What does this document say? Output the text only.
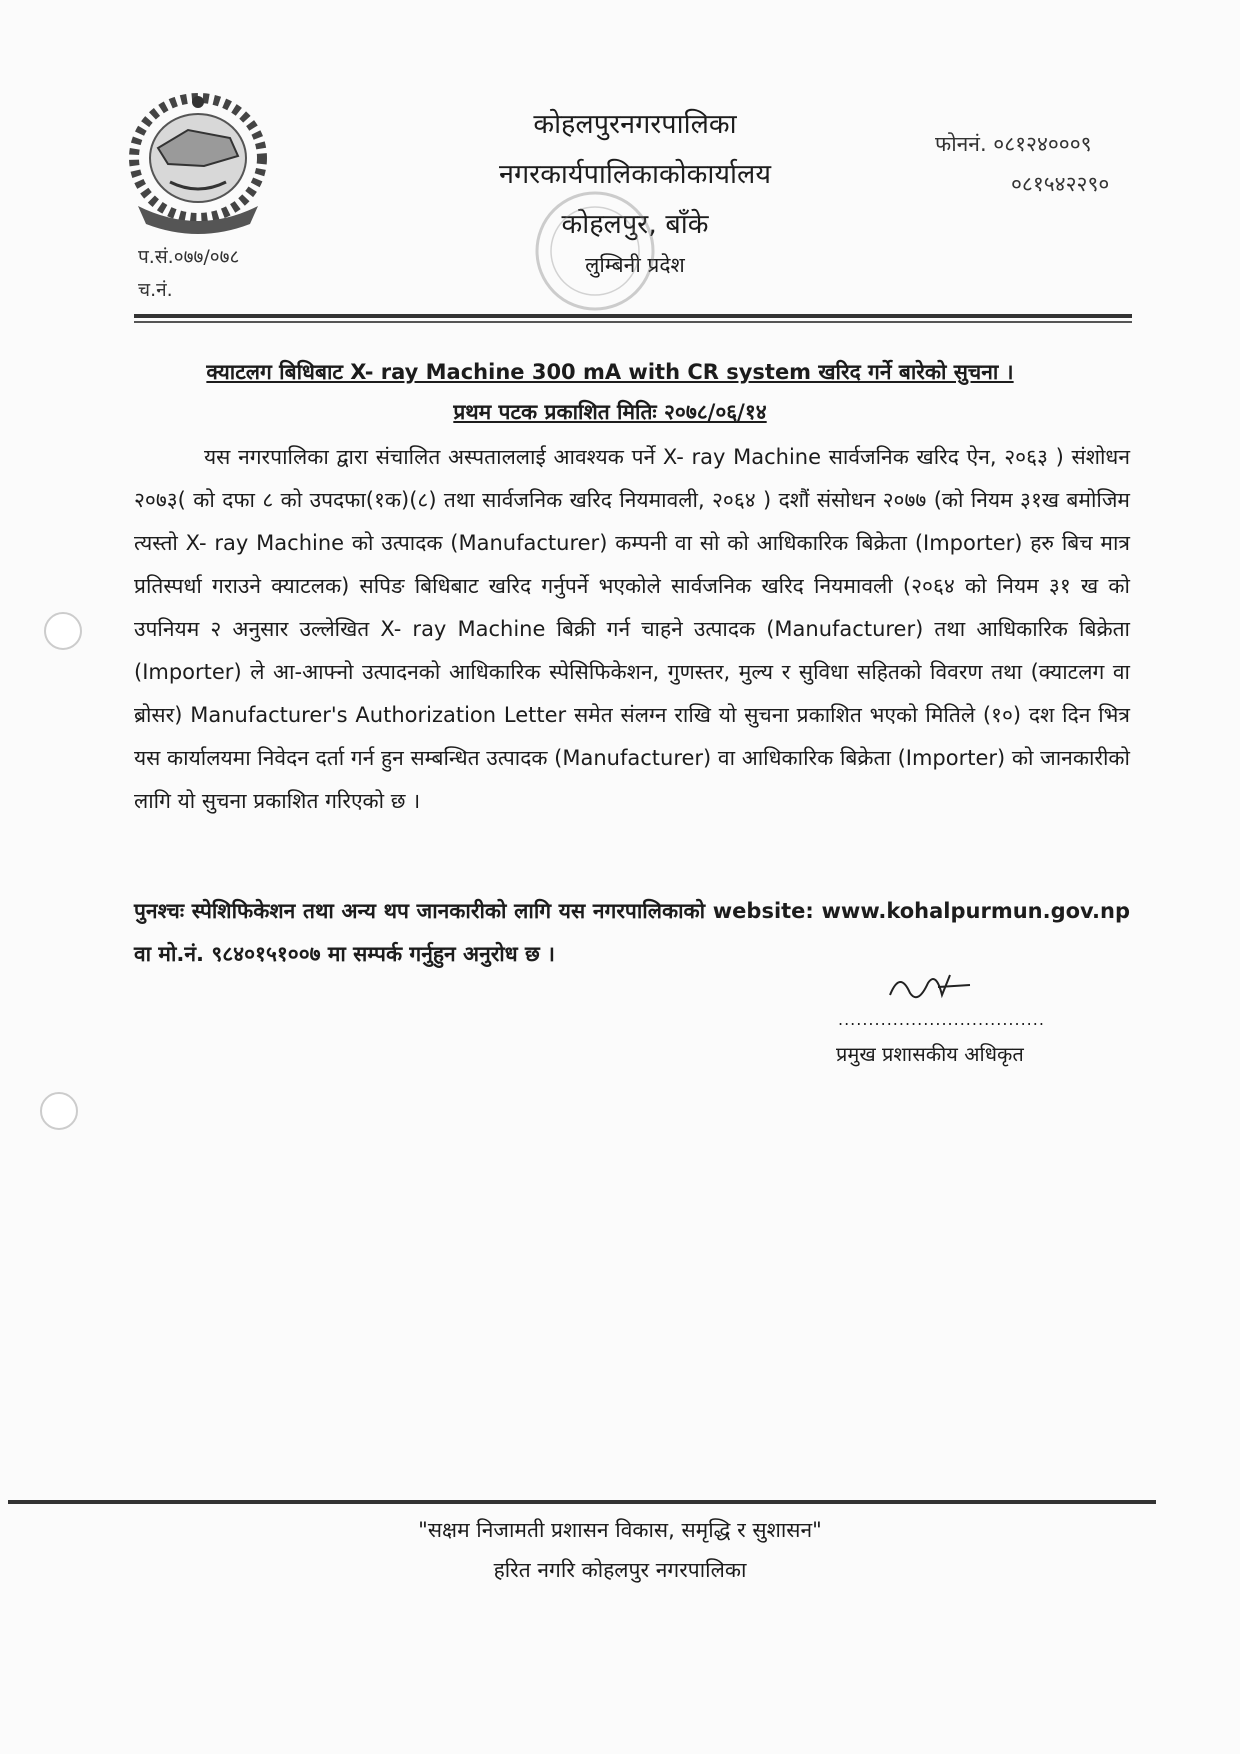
प.सं.०७७/०७८
च.नं.
कोहलपुरनगरपालिका
नगरकार्यपालिकाकोकार्यालय
कोहलपुर, बाँके
लुम्बिनी प्रदेश
फोननं. ०८१२४०००९
०८१५४२२९०
क्याटलग बिधिबाट X- ray Machine 300 mA with CR system खरिद गर्ने बारेको सुचना ।
प्रथम पटक प्रकाशित मितिः २०७८/०६/१४
यस नगरपालिका द्वारा संचालित अस्पताललाई आवश्यक पर्ने X- ray Machine सार्वजनिक खरिद ऐन, २०६३ ) संशोधन २०७३( को दफा ८ को उपदफा(१क)(८) तथा सार्वजनिक खरिद नियमावली, २०६४ ) दशौं संसोधन २०७७ (को नियम ३१ख बमोजिम त्यस्तो X- ray Machine को उत्पादक (Manufacturer) कम्पनी वा सो को आधिकारिक बिक्रेता (Importer) हरु बिच मात्र प्रतिस्पर्धा गराउने क्याटलक) सपिङ बिधिबाट खरिद गर्नुपर्ने भएकोले सार्वजनिक खरिद नियमावली (२०६४ को नियम ३१ ख को उपनियम २ अनुसार उल्लेखित X- ray Machine बिक्री गर्न चाहने उत्पादक (Manufacturer) तथा आधिकारिक बिक्रेता (Importer) ले आ-आफ्नो उत्पादनको आधिकारिक स्पेसिफिकेशन, गुणस्तर, मुल्य र सुविधा सहितको विवरण तथा (क्याटलग वा ब्रोसर) Manufacturer's Authorization Letter समेत संलग्न राखि यो सुचना प्रकाशित भएको मितिले (१०) दश दिन भित्र यस कार्यालयमा निवेदन दर्ता गर्न हुन सम्बन्धित उत्पादक (Manufacturer) वा आधिकारिक बिक्रेता (Importer) को जानकारीको लागि यो सुचना प्रकाशित गरिएको छ ।
पुनश्चः स्पेशिफिकेशन तथा अन्य थप जानकारीको लागि यस नगरपालिकाको website: www.kohalpurmun.gov.np वा मो.नं. ९८४०१५१००७ मा सम्पर्क गर्नुहुन अनुरोध छ ।
..................................
प्रमुख प्रशासकीय अधिकृत
"सक्षम निजामती प्रशासन विकास, समृद्धि र सुशासन"
हरित नगरि कोहलपुर नगरपालिका
